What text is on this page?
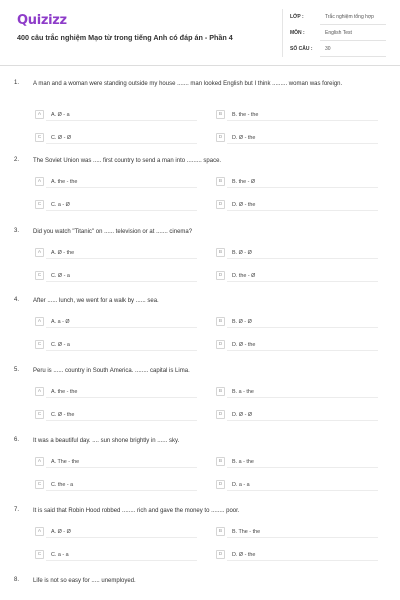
Quizizz
400 câu trắc nghiệm Mạo từ trong tiếng Anh có đáp án - Phần 4
LỚP :	Trắc nghiệm tổng hợp
MÔN :	English Test
SỐ CÂU :	30
1. A man and a woman were standing outside my house ....... man looked English but I think ......... woman was foreign.
A	A. Ø - a	B	B. the - the
C	C. Ø - Ø	D	D. Ø - the
2. The Soviet Union was ..... first country to send a man into ......... space.
A	A. the - the	B	B. the - Ø
C	C. a - Ø	D	D. Ø - the
3. Did you watch "Titanic" on ...... television or at ....... cinema?
A	A. Ø - the	B	B. Ø - Ø
C	C. Ø - a	D	D. the - Ø
4. After ...... lunch, we went for a walk by ...... sea.
A	A. a - Ø	B	B. Ø - Ø
C	C. Ø - a	D	D. Ø - the
5. Peru is ...... country in South America. ........ capital is Lima.
A	A. the - the	B	B. a - the
C	C. Ø - the	D	D. Ø - Ø
6. It was a beautiful day. .... sun shone brightly in ...... sky.
A	A. The - the	B	B. a - the
C	C. the - a	D	D. a - a
7. It is said that Robin Hood robbed ........ rich and gave the money to ........ poor.
A	A. Ø - Ø	B	B. The - the
C	C. a - a	D	D. Ø - the
8. Life is not so easy for ..... unemployed.
